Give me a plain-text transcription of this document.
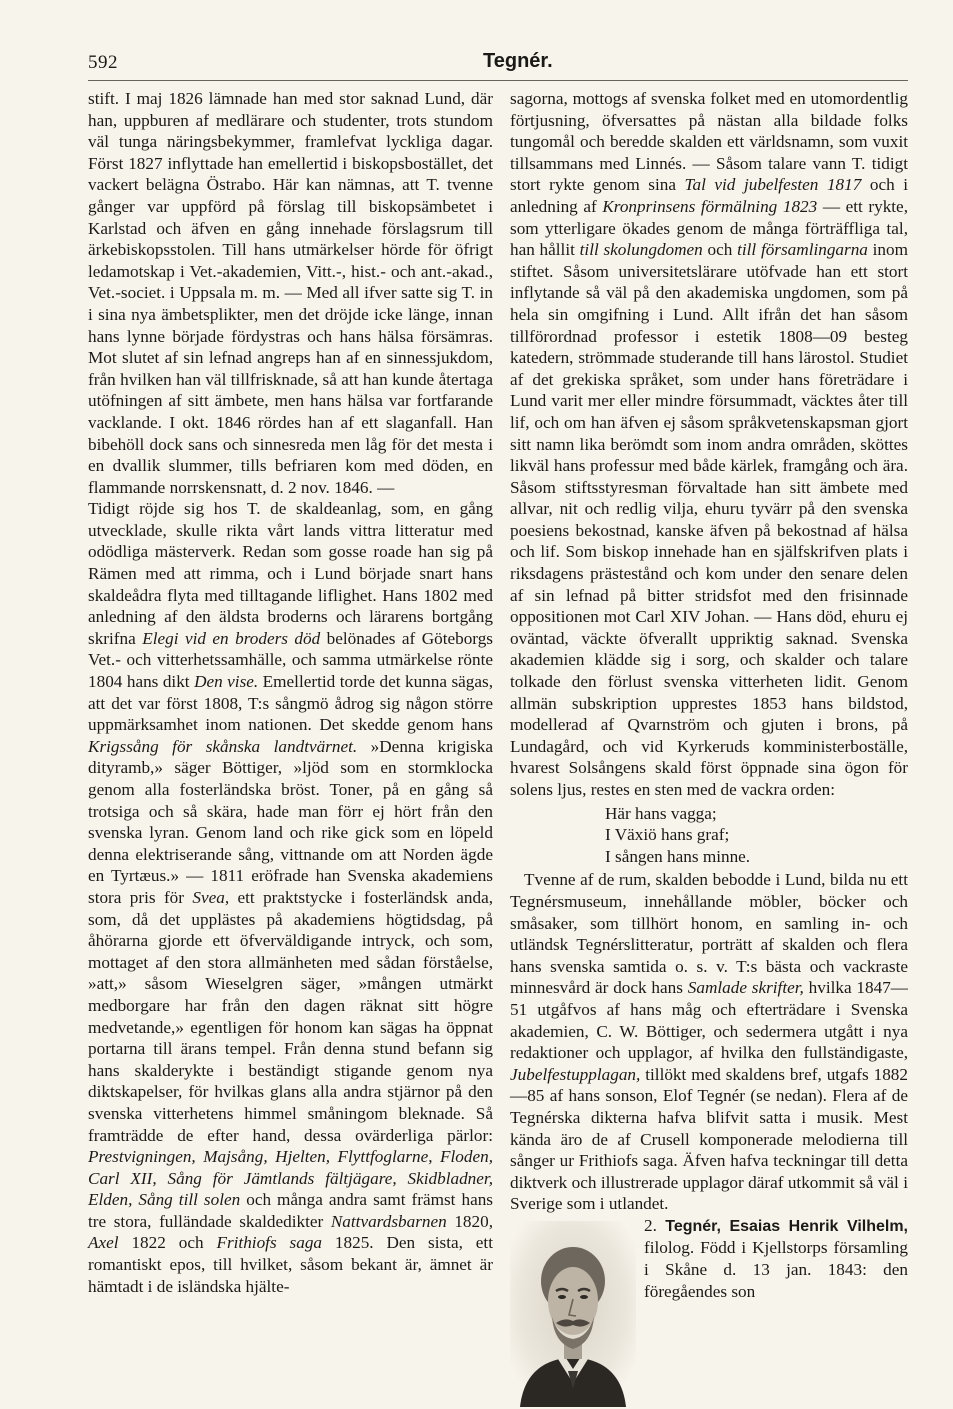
592	Tegnér.

stift. I maj 1826 lämnade han med stor saknad Lund, där han, uppburen af medlärare och studenter, trots stundom väl tunga näringsbekymmer, framlefvat lyckliga dagar. Först 1827 inflyttade han emellertid i biskopsbostället, det vackert belägna Östrabo. Här kan nämnas, att T. tvenne gånger var uppförd på förslag till biskopsämbetet i Karlstad och äfven en gång innehade förslagsrum till ärkebiskopsstolen. Till hans utmärkelser hörde för öfrigt ledamotskap i Vet.-akademien, Vitt.-, hist.- och ant.-akad., Vet.-societ. i Uppsala m. m. — Med all ifver satte sig T. in i sina nya ämbetsplikter, men det dröjde icke länge, innan hans lynne började fördystras och hans hälsa försämras. Mot slutet af sin lefnad angreps han af en sinnessjukdom, från hvilken han väl tillfrisknade, så att han kunde återtaga utöfningen af sitt ämbete, men hans hälsa var fortfarande vacklande. I okt. 1846 rördes han af ett slaganfall. Han bibehöll dock sans och sinnesreda men låg för det mesta i en dvallik slummer, tills befriaren kom med döden, en flammande norrskensnatt, d. 2 nov. 1846. —

Tidigt röjde sig hos T. de skaldeanlag, som, en gång utvecklade, skulle rikta vårt lands vittra litteratur med odödliga mästerverk. Redan som gosse roade han sig på Rämen med att rimma, och i Lund började snart hans skaldeådra flyta med tilltagande liflighet. Hans 1802 med anledning af den äldsta broderns och lärarens bortgång skrifna Elegi vid en broders död belönades af Göteborgs Vet.- och vitterhetssamhälle, och samma utmärkelse rönte 1804 hans dikt Den vise. Emellertid torde det kunna sägas, att det var först 1808, T:s sångmö ådrog sig någon större uppmärksamhet inom nationen. Det skedde genom hans Krigssång för skånska landtvärnet. »Denna krigiska dityramb,» säger Böttiger, »ljöd som en stormklocka genom alla fosterländska bröst. Toner, på en gång så trotsiga och så skära, hade man förr ej hört från den svenska lyran. Genom land och rike gick som en löpeld denna elektriserande sång, vittnande om att Norden ägde en Tyrtæus.» — 1811 eröfrade han Svenska akademiens stora pris för Svea, ett praktstycke i fosterländsk anda, som, då det upplästes på akademiens högtidsdag, på åhörarna gjorde ett öfverväldigande intryck, och som, mottaget af den stora allmänheten med sådan förståelse, »att,» såsom Wieselgren säger, »mången utmärkt medborgare har från den dagen räknat sitt högre medvetande,» egentligen för honom kan sägas ha öppnat portarna till ärans tempel. Från denna stund befann sig hans skalderykte i beständigt stigande genom nya diktskapelser, för hvilkas glans alla andra stjärnor på den svenska vitterhetens himmel småningom bleknade. Så framträdde de efter hand, dessa ovärderliga pärlor: Prestvigningen, Majsång, Hjelten, Flyttfoglarne, Floden, Carl XII, Sång för Jämtlands fältjägare, Skidbladner, Elden, Sång till solen och många andra samt främst hans tre stora, fulländade skaldedikter Nattvardsbarnen 1820, Axel 1822 och Frithiofs saga 1825. Den sista, ett romantiskt epos, till hvilket, såsom bekant är, ämnet är hämtadt i de isländska hjälte-

sagorna, mottogs af svenska folket med en utomordentlig förtjusning, öfversattes på nästan alla bildade folks tungomål och beredde skalden ett världsnamn, som vuxit tillsammans med Linnés. — Såsom talare vann T. tidigt stort rykte genom sina Tal vid jubelfesten 1817 och i anledning af Kronprinsens förmälning 1823 — ett rykte, som ytterligare ökades genom de många förträffliga tal, han hållit till skolungdomen och till församlingarna inom stiftet. Såsom universitetslärare utöfvade han ett stort inflytande så väl på den akademiska ungdomen, som på hela sin omgifning i Lund. Allt ifrån det han såsom tillförordnad professor i estetik 1808—09 besteg katedern, strömmade studerande till hans lärostol. Studiet af det grekiska språket, som under hans företrädare i Lund varit mer eller mindre försummadt, väcktes åter till lif, och om han äfven ej såsom språkvetenskapsman gjort sitt namn lika berömdt som inom andra områden, sköttes likväl hans professur med både kärlek, framgång och ära. Såsom stiftsstyresman förvaltade han sitt ämbete med allvar, nit och redlig vilja, ehuru tyvärr på den svenska poesiens bekostnad, kanske äfven på bekostnad af hälsa och lif. Som biskop innehade han en själfskrifven plats i riksdagens prästestånd och kom under den senare delen af sin lefnad på bitter stridsfot med den frisinnade oppositionen mot Carl XIV Johan. — Hans död, ehuru ej oväntad, väckte öfverallt uppriktig saknad. Svenska akademien klädde sig i sorg, och skalder och talare tolkade den förlust svenska vitterheten lidit. Genom allmän subskription upprestes 1853 hans bildstod, modellerad af Qvarnström och gjuten i brons, på Lundagård, och vid Kyrkeruds komministerboställe, hvarest Solsångens skald först öppnade sina ögon för solens ljus, restes en sten med de vackra orden:

Här hans vagga;
I Växiö hans graf;
I sången hans minne.

Tvenne af de rum, skalden bebodde i Lund, bilda nu ett Tegnérsmuseum, innehållande möbler, böcker och småsaker, som tillhört honom, en samling in- och utländsk Tegnérslitteratur, porträtt af skalden och flera hans svenska samtida o. s. v. T:s bästa och vackraste minnesvård är dock hans Samlade skrifter, hvilka 1847—51 utgåfvos af hans måg och efterträdare i Svenska akademien, C. W. Böttiger, och sedermera utgått i nya redaktioner och upplagor, af hvilka den fullständigaste, Jubelfestupplagan, tillökt med skaldens bref, utgafs 1882—85 af hans sonson, Elof Tegnér (se nedan). Flera af de Tegnérska dikterna hafva blifvit satta i musik. Mest kända äro de af Crusell komponerade melodierna till sånger ur Frithiofs saga. Äfven hafva teckningar till detta diktverk och illustrerade upplagor däraf utkommit så väl i Sverige som i utlandet.

2. Tegnér, Esaias Henrik Vilhelm, filolog. Född i Kjellstorps församling i Skåne d. 13 jan. 1843: den föregåendes son
